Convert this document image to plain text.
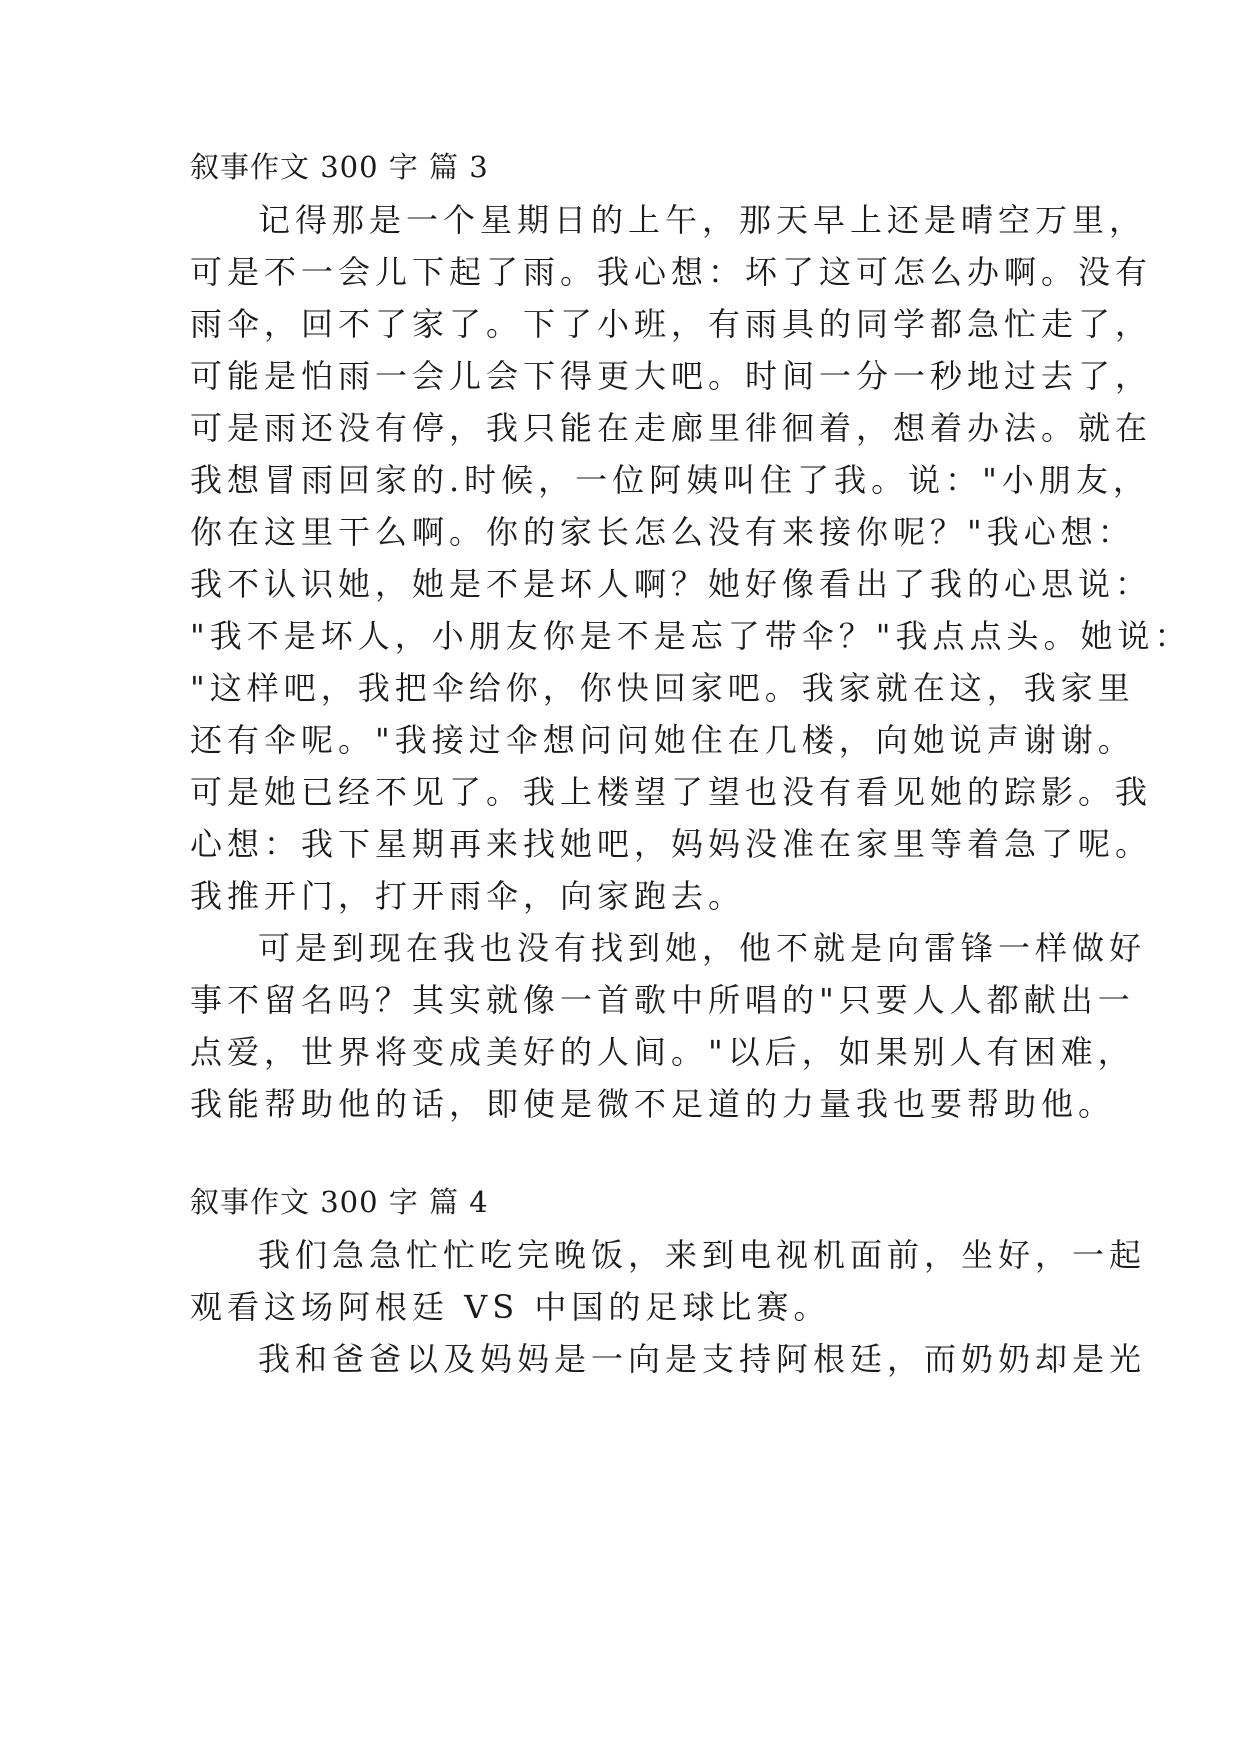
叙事作文 300 字 篇 3
记得那是一个星期日的上午，那天早上还是晴空万里，
可是不一会儿下起了雨。我心想：坏了这可怎么办啊。没有
雨伞，回不了家了。下了小班，有雨具的同学都急忙走了，
可能是怕雨一会儿会下得更大吧。时间一分一秒地过去了，
可是雨还没有停，我只能在走廊里徘徊着，想着办法。就在
我想冒雨回家的.时候，一位阿姨叫住了我。说："小朋友，
你在这里干么啊。你的家长怎么没有来接你呢？"我心想：
我不认识她，她是不是坏人啊？她好像看出了我的心思说：
"我不是坏人，小朋友你是不是忘了带伞？"我点点头。她说：
"这样吧，我把伞给你，你快回家吧。我家就在这，我家里
还有伞呢。"我接过伞想问问她住在几楼，向她说声谢谢。
可是她已经不见了。我上楼望了望也没有看见她的踪影。我
心想：我下星期再来找她吧，妈妈没准在家里等着急了呢。
我推开门，打开雨伞，向家跑去。
可是到现在我也没有找到她，他不就是向雷锋一样做好
事不留名吗？其实就像一首歌中所唱的"只要人人都献出一
点爱，世界将变成美好的人间。"以后，如果别人有困难，
我能帮助他的话，即使是微不足道的力量我也要帮助他。
叙事作文 300 字 篇 4
我们急急忙忙吃完晚饭，来到电视机面前，坐好，一起
观看这场阿根廷 VS 中国的足球比赛。
我和爸爸以及妈妈是一向是支持阿根廷，而奶奶却是光
